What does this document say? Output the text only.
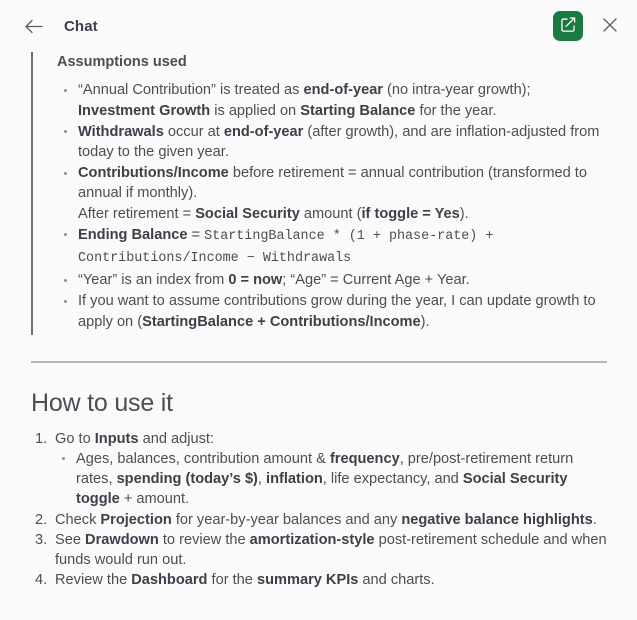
Chat
Assumptions used
“Annual Contribution” is treated as end-of-year (no intra-year growth); Investment Growth is applied on Starting Balance for the year.
Withdrawals occur at end-of-year (after growth), and are inflation-adjusted from today to the given year.
Contributions/Income before retirement = annual contribution (transformed to annual if monthly).
After retirement = Social Security amount (if toggle = Yes).
Ending Balance = StartingBalance * (1 + phase-rate) + Contributions/Income − Withdrawals
“Year” is an index from 0 = now; “Age” = Current Age + Year.
If you want to assume contributions grow during the year, I can update growth to apply on (StartingBalance + Contributions/Income).
How to use it
Go to Inputs and adjust:
Ages, balances, contribution amount & frequency, pre/post-retirement return rates, spending (today’s $), inflation, life expectancy, and Social Security toggle + amount.
Check Projection for year-by-year balances and any negative balance highlights.
See Drawdown to review the amortization-style post-retirement schedule and when funds would run out.
Review the Dashboard for the summary KPIs and charts.
